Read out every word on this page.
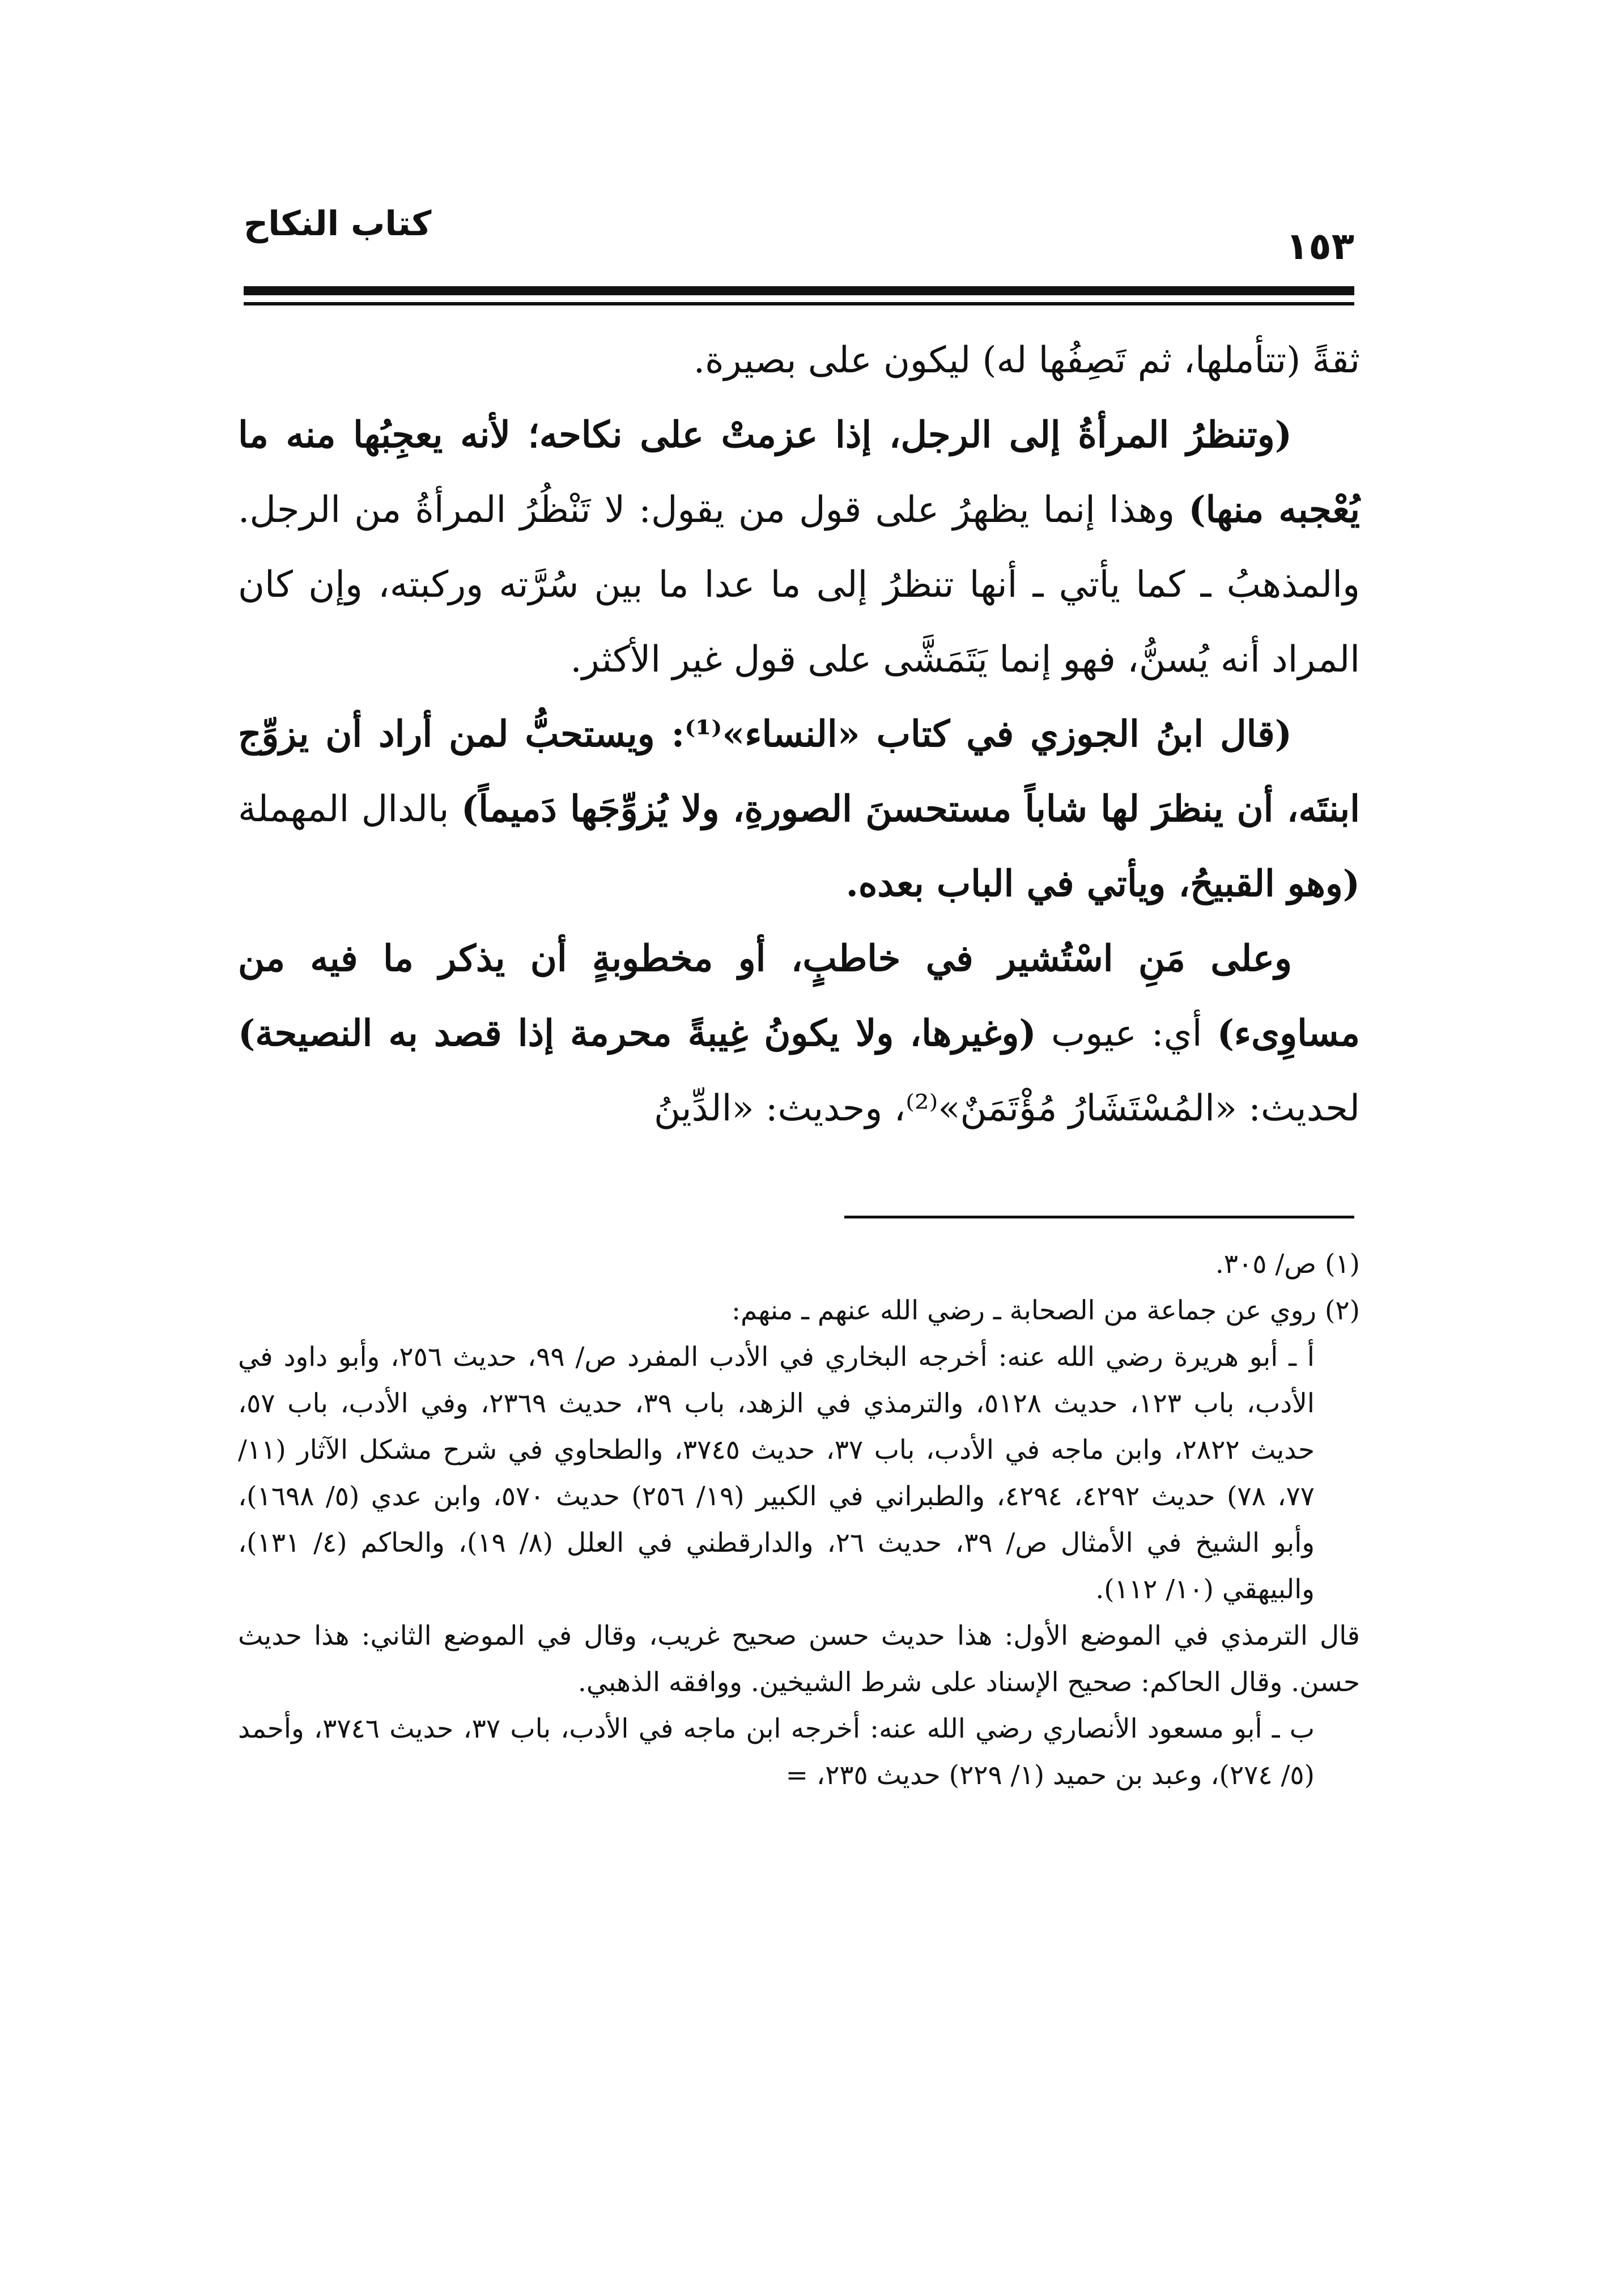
كتاب النكاح
١٥٣

ثقةً (تتأملها، ثم تَصِفُها له) ليكون على بصيرة.

(وتنظرُ المرأةُ إلى الرجل، إذا عزمتْ على نكاحه؛ لأنه يعجِبُها منه ما يُعْجبه منها) وهذا إنما يظهرُ على قول من يقول: لا تَنْظُرُ المرأةُ من الرجل. والمذهبُ ـ كما يأتي ـ أنها تنظرُ إلى ما عدا ما بين سُرَّته وركبته، وإن كان المراد أنه يُسنُّ، فهو إنما يَتَمَشَّى على قول غير الأكثر.

(قال ابنُ الجوزي في كتاب «النساء»⁽¹⁾: ويستحبُّ لمن أراد أن يزوِّج ابنتَه، أن ينظرَ لها شاباً مستحسنَ الصورةِ، ولا يُزوِّجَها دَميماً) بالدال المهملة (وهو القبيحُ، ويأتي في الباب بعده.

وعلى مَنِ اسْتُشير في خاطبٍ، أو مخطوبةٍ أن يذكر ما فيه من مساوِىء) أي: عيوب (وغيرها، ولا يكونُ غِيبةً محرمة إذا قصد به النصيحة) لحديث: «المُسْتَشَارُ مُؤْتَمَنٌ»⁽²⁾، وحديث: «الدِّينُ

(١) ص/ ٣٠٥.

(٢) روي عن جماعة من الصحابة ـ رضي الله عنهم ـ منهم:

أ ـ أبو هريرة رضي الله عنه: أخرجه البخاري في الأدب المفرد ص/ ٩٩، حديث ٢٥٦، وأبو داود في الأدب، باب ١٢٣، حديث ٥١٢٨، والترمذي في الزهد، باب ٣٩، حديث ٢٣٦٩، وفي الأدب، باب ٥٧، حديث ٢٨٢٢، وابن ماجه في الأدب، باب ٣٧، حديث ٣٧٤٥، والطحاوي في شرح مشكل الآثار (١١/ ٧٧، ٧٨) حديث ٤٢٩٢، ٤٢٩٤، والطبراني في الكبير (١٩/ ٢٥٦) حديث ٥٧٠، وابن عدي (٥/ ١٦٩٨)، وأبو الشيخ في الأمثال ص/ ٣٩، حديث ٢٦، والدارقطني في العلل (٨/ ١٩)، والحاكم (٤/ ١٣١)، والبيهقي (١٠/ ١١٢).

قال الترمذي في الموضع الأول: هذا حديث حسن صحيح غريب، وقال في الموضع الثاني: هذا حديث حسن. وقال الحاكم: صحيح الإسناد على شرط الشيخين. ووافقه الذهبي.

ب ـ أبو مسعود الأنصاري رضي الله عنه: أخرجه ابن ماجه في الأدب، باب ٣٧، حديث ٣٧٤٦، وأحمد (٥/ ٢٧٤)، وعبد بن حميد (١/ ٢٢٩) حديث ٢٣٥، =
